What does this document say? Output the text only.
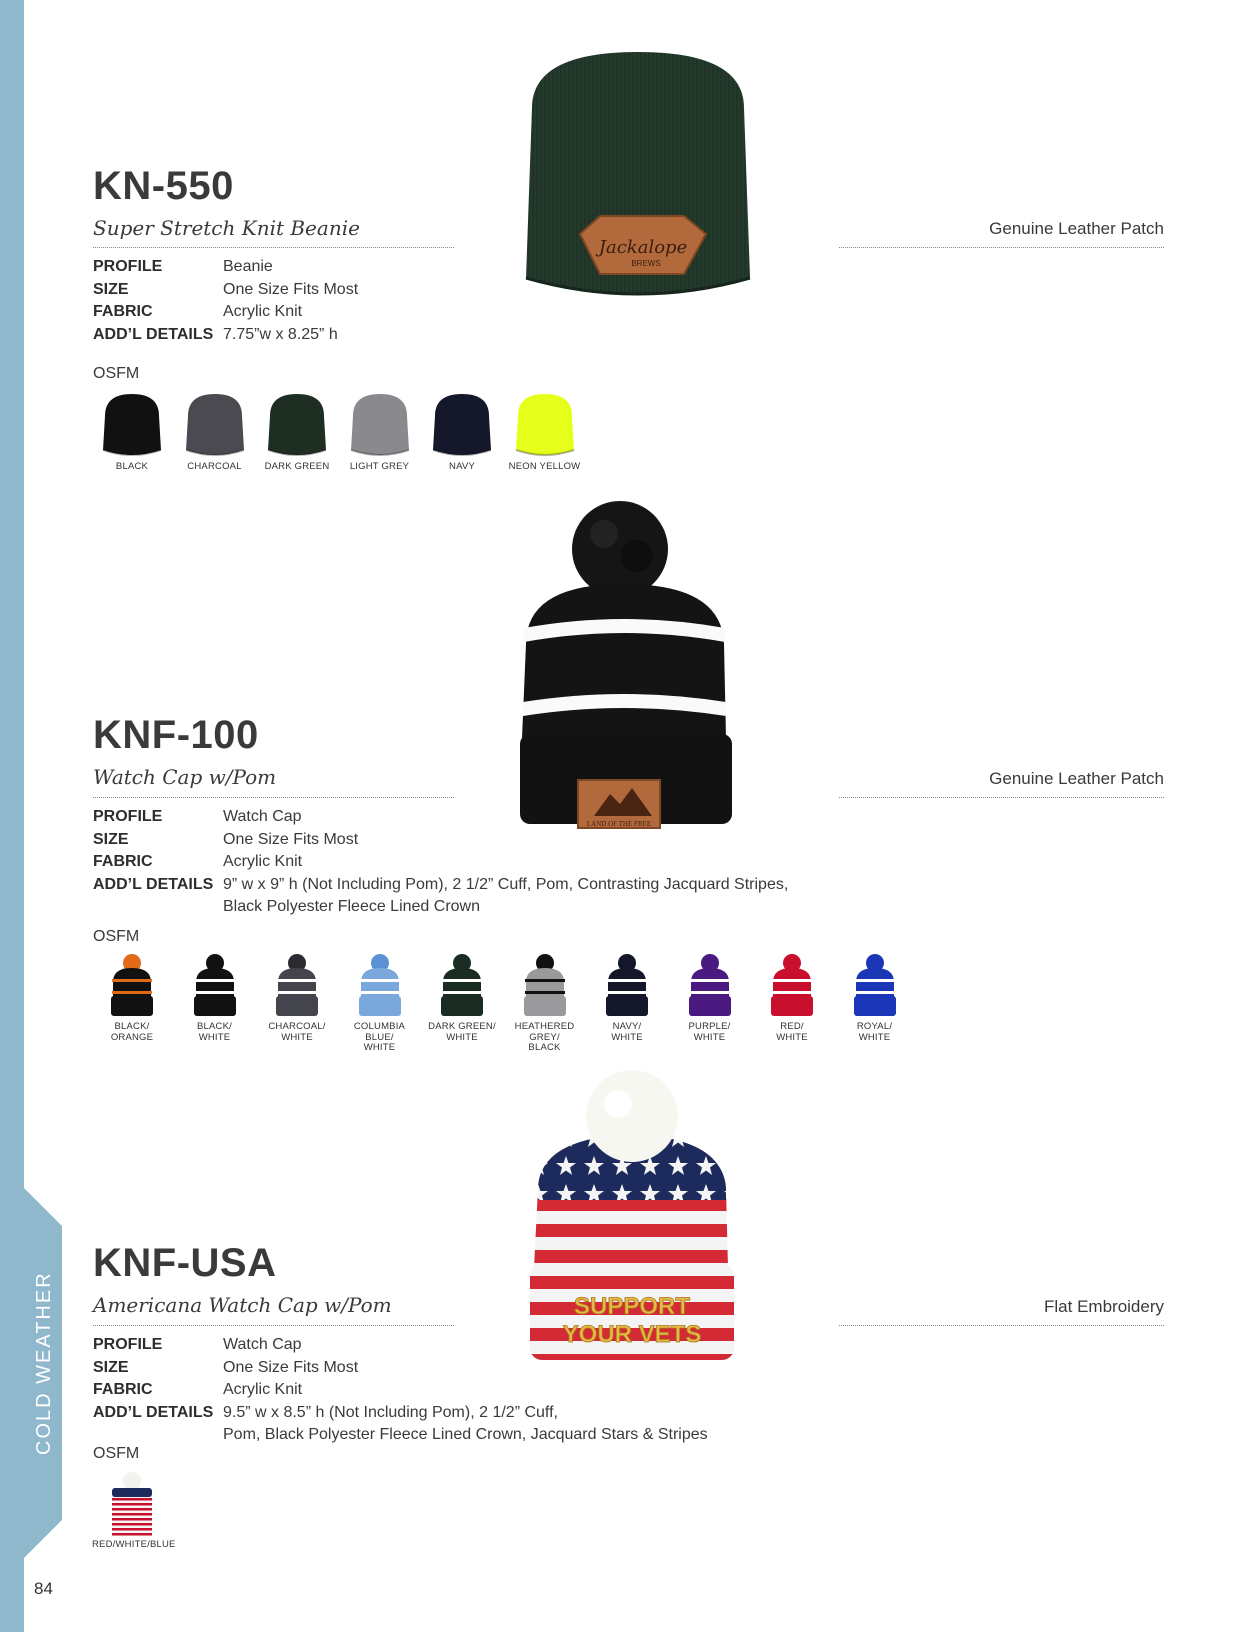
COLD WEATHER
84
KN-550
Super Stretch Knit Beanie	Genuine Leather Patch
PROFILE	Beanie
SIZE	One Size Fits Most
FABRIC	Acrylic Knit
ADD’L DETAILS 7.75”w x 8.25” h
OSFM
BLACK	CHARCOAL	DARK GREEN	LIGHT GREY	NAVY	NEON YELLOW
Jackalope
BREWS
KNF-100
Watch Cap w/Pom	Genuine Leather Patch
PROFILE	Watch Cap
SIZE	One Size Fits Most
FABRIC	Acrylic Knit
ADD’L DETAILS 9” w x 9” h (Not Including Pom), 2 1/2” Cuff, Pom, Contrasting Jacquard Stripes,
Black Polyester Fleece Lined Crown
OSFM
BLACK/
ORANGE
BLACK/
WHITE
CHARCOAL/
WHITE
COLUMBIA BLUE/
WHITE
DARK GREEN/
WHITE
HEATHERED GREY/
BLACK
NAVY/
WHITE
PURPLE/
WHITE
RED/
WHITE
ROYAL/
WHITE
LAND OF THE FREE
KNF-USA
Americana Watch Cap w/Pom	Flat Embroidery
PROFILE	Watch Cap
SIZE	One Size Fits Most
FABRIC	Acrylic Knit
ADD’L DETAILS 9.5” w x 8.5” h (Not Including Pom), 2 1/2” Cuff,
Pom, Black Polyester Fleece Lined Crown, Jacquard Stars & Stripes
OSFM
RED/WHITE/BLUE
SUPPORT
YOUR VETS
